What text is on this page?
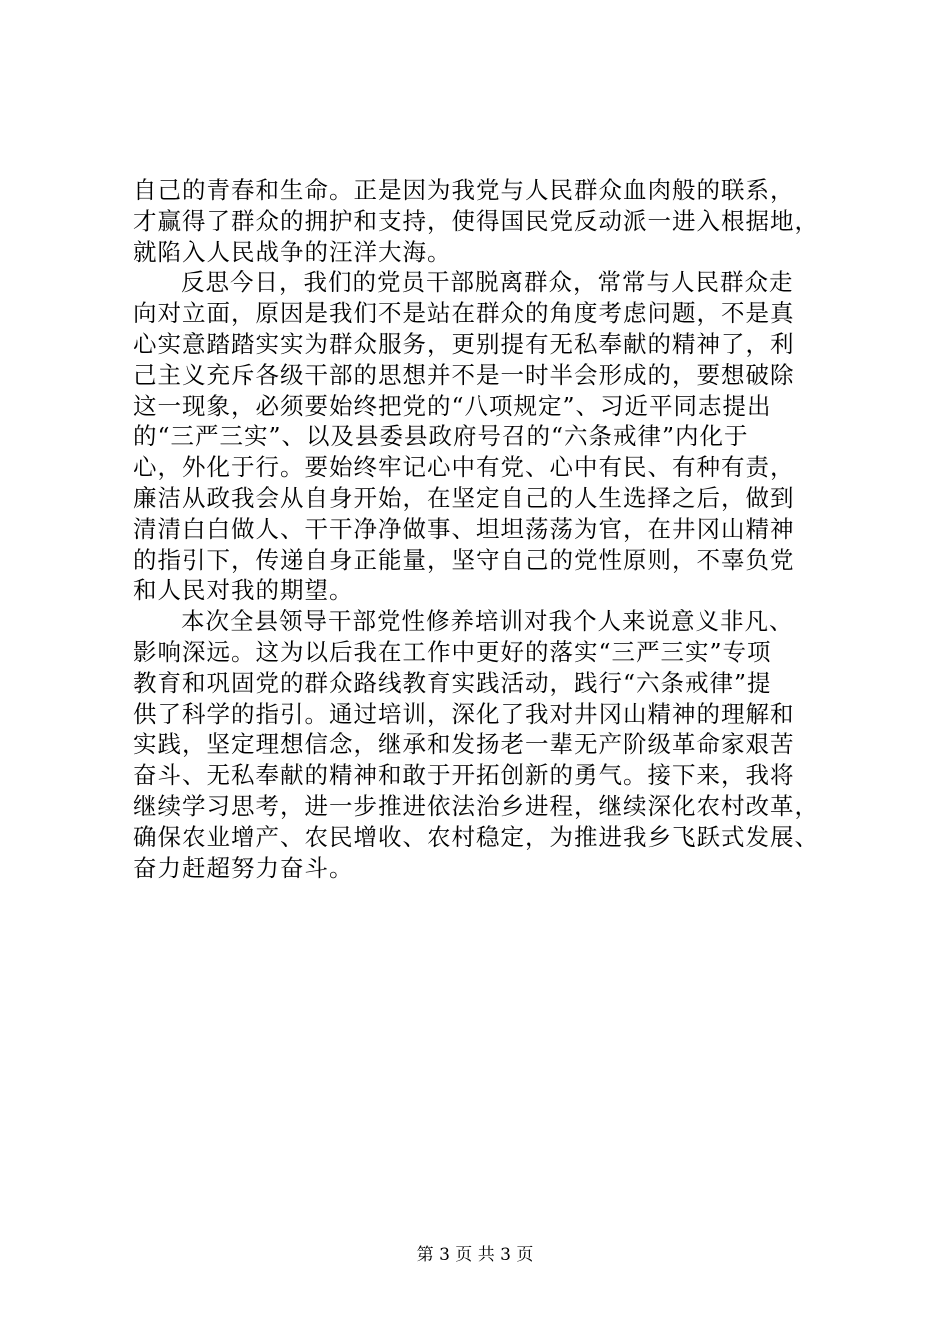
自己的青春和生命。正是因为我党与人民群众血肉般的联系，
才赢得了群众的拥护和支持，使得国民党反动派一进入根据地，
就陷入人民战争的汪洋大海。
反思今日，我们的党员干部脱离群众，常常与人民群众走
向对立面，原因是我们不是站在群众的角度考虑问题，不是真
心实意踏踏实实为群众服务，更别提有无私奉献的精神了，利
己主义充斥各级干部的思想并不是一时半会形成的，要想破除
这一现象，必须要始终把党的“八项规定”、习近平同志提出
的“三严三实”、以及县委县政府号召的“六条戒律”内化于
心，外化于行。要始终牢记心中有党、心中有民、有种有责，
廉洁从政我会从自身开始，在坚定自己的人生选择之后，做到
清清白白做人、干干净净做事、坦坦荡荡为官，在井冈山精神
的指引下，传递自身正能量，坚守自己的党性原则，不辜负党
和人民对我的期望。
本次全县领导干部党性修养培训对我个人来说意义非凡、
影响深远。这为以后我在工作中更好的落实“三严三实”专项
教育和巩固党的群众路线教育实践活动，践行“六条戒律”提
供了科学的指引。通过培训，深化了我对井冈山精神的理解和
实践，坚定理想信念，继承和发扬老一辈无产阶级革命家艰苦
奋斗、无私奉献的精神和敢于开拓创新的勇气。接下来，我将
继续学习思考，进一步推进依法治乡进程，继续深化农村改革，
确保农业增产、农民增收、农村稳定，为推进我乡飞跃式发展、
奋力赶超努力奋斗。
第 3 页 共 3 页
